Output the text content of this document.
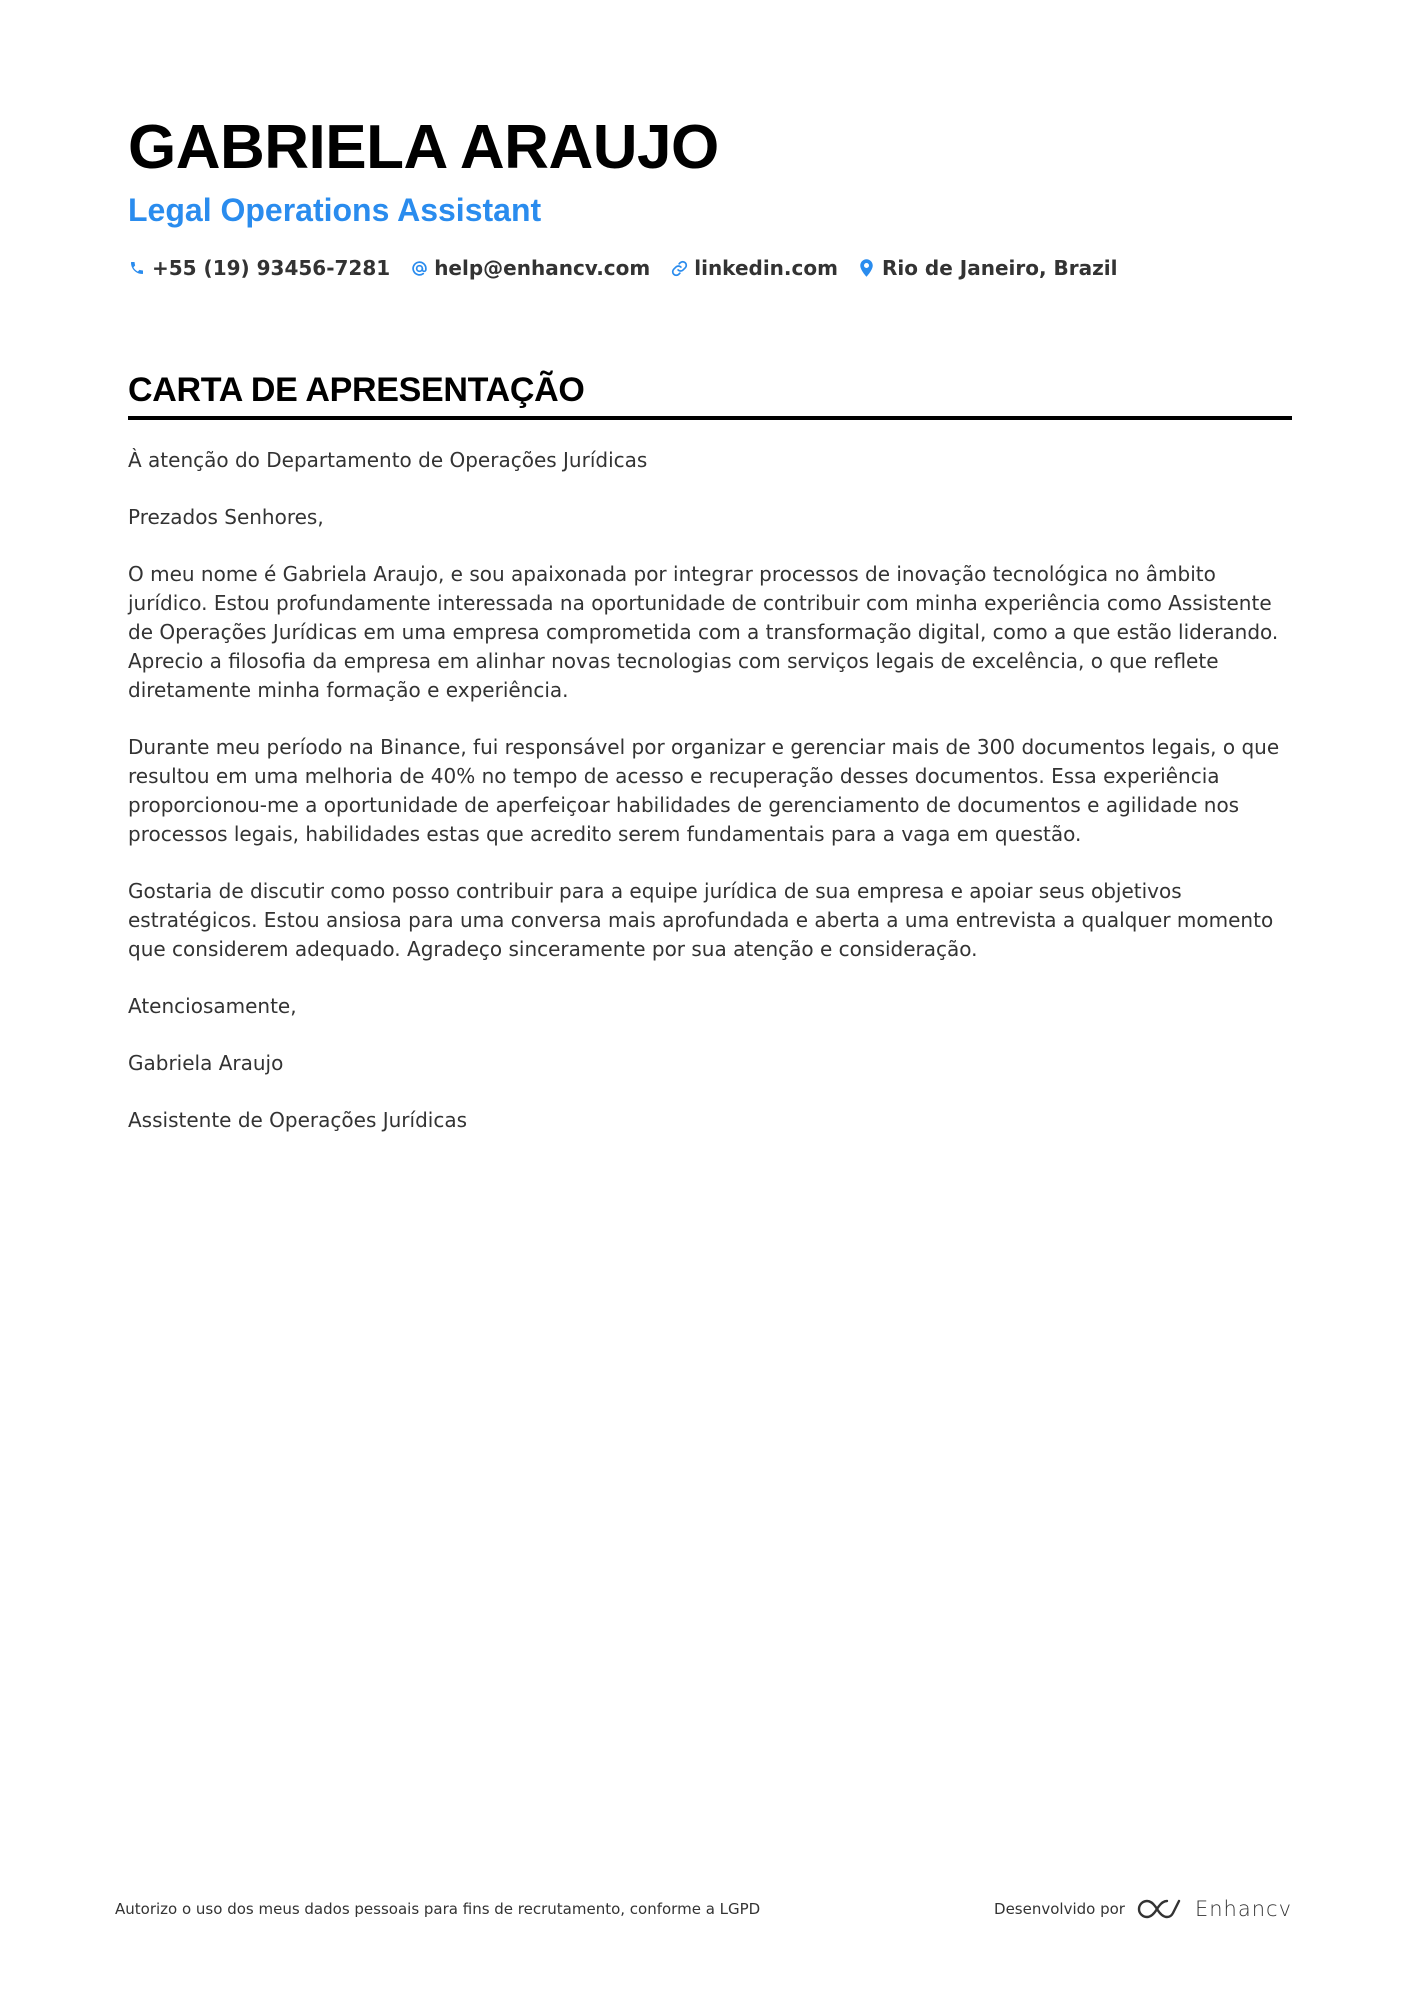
GABRIELA ARAUJO
Legal Operations Assistant
+55 (19) 93456-7281 help@enhancv.com linkedin.com Rio de Janeiro, Brazil
CARTA DE APRESENTAÇÃO

À atenção do Departamento de Operações Jurídicas

Prezados Senhores,

O meu nome é Gabriela Araujo, e sou apaixonada por integrar processos de inovação tecnológica no âmbito jurídico. Estou profundamente interessada na oportunidade de contribuir com minha experiência como Assistente de Operações Jurídicas em uma empresa comprometida com a transformação digital, como a que estão liderando. Aprecio a filosofia da empresa em alinhar novas tecnologias com serviços legais de excelência, o que reflete diretamente minha formação e experiência.

Durante meu período na Binance, fui responsável por organizar e gerenciar mais de 300 documentos legais, o que resultou em uma melhoria de 40% no tempo de acesso e recuperação desses documentos. Essa experiência proporcionou-me a oportunidade de aperfeiçoar habilidades de gerenciamento de documentos e agilidade nos processos legais, habilidades estas que acredito serem fundamentais para a vaga em questão.

Gostaria de discutir como posso contribuir para a equipe jurídica de sua empresa e apoiar seus objetivos estratégicos. Estou ansiosa para uma conversa mais aprofundada e aberta a uma entrevista a qualquer momento que considerem adequado. Agradeço sinceramente por sua atenção e consideração.

Atenciosamente,

Gabriela Araujo

Assistente de Operações Jurídicas

Autorizo o uso dos meus dados pessoais para fins de recrutamento, conforme a LGPD	Desenvolvido por	Enhancv
